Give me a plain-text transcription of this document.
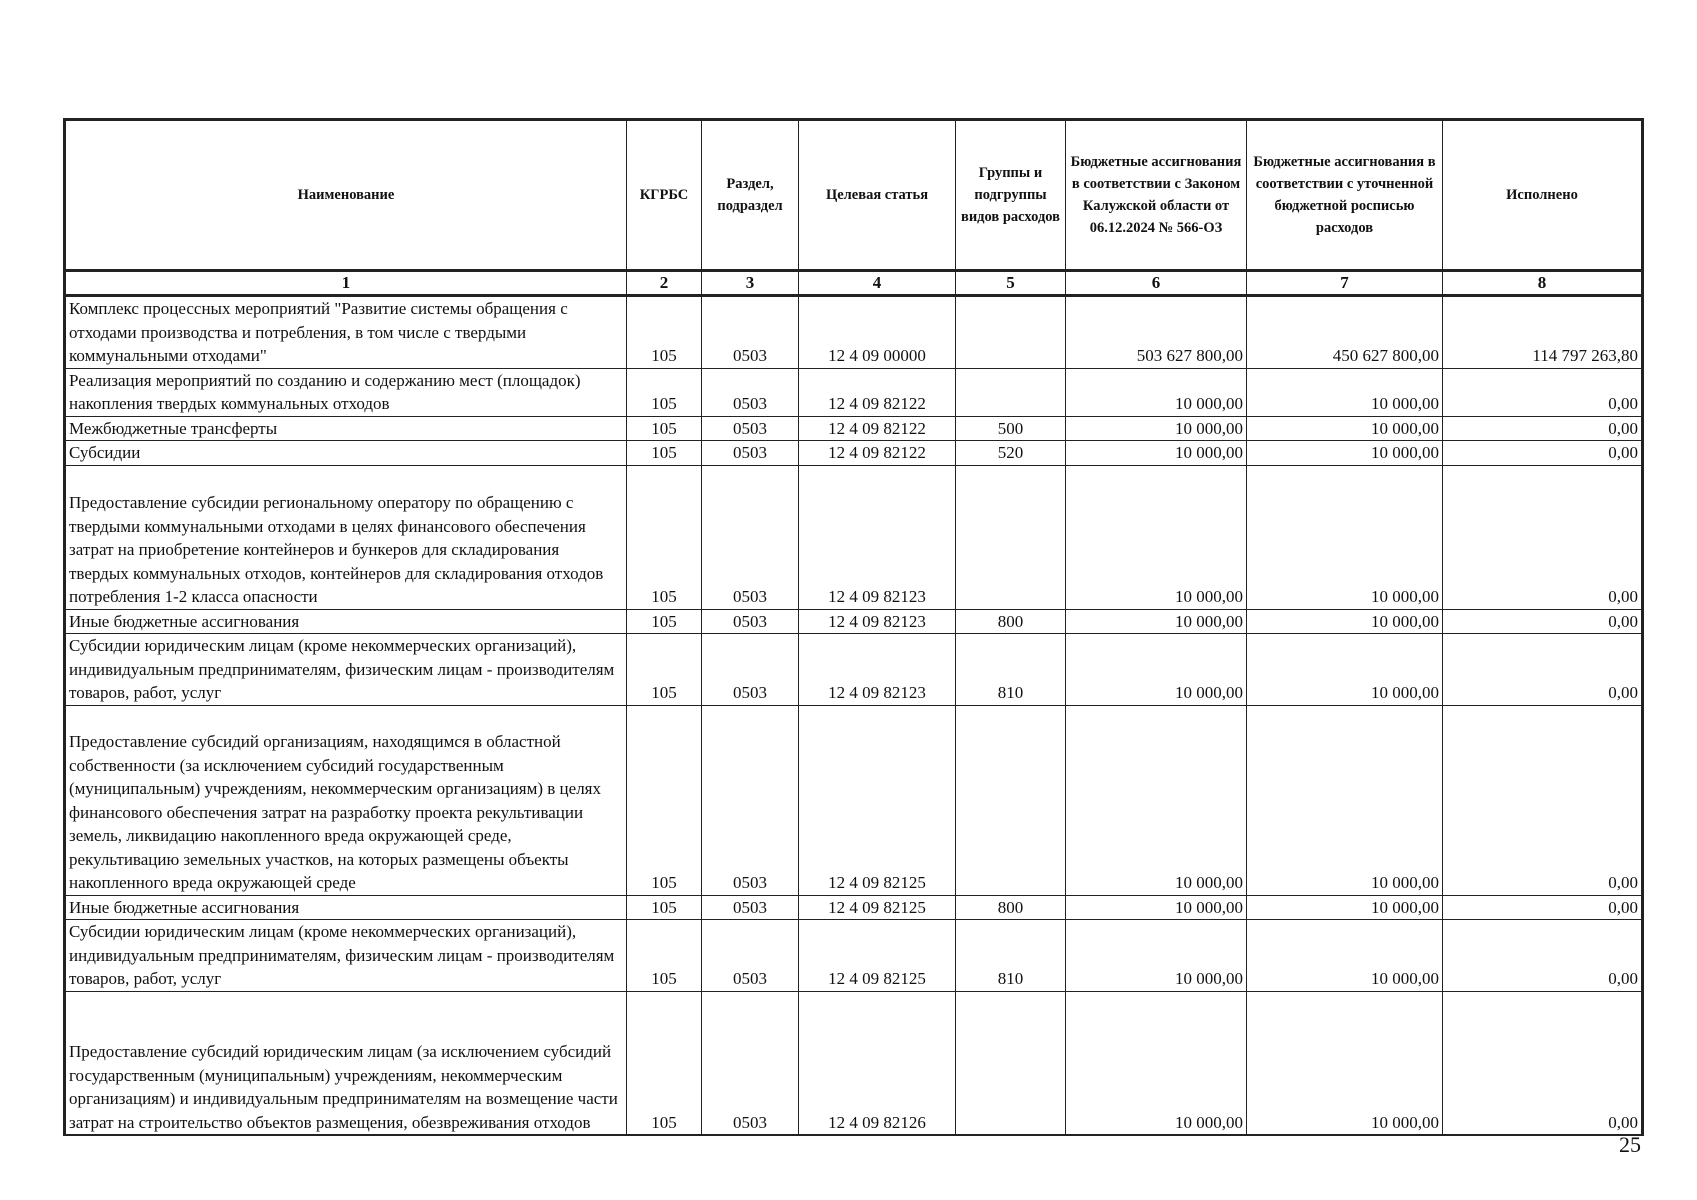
Наименование	КГРБС	Раздел, подраздел	Целевая статья	Группы и подгруппы видов расходов	Бюджетные ассигнования в соответствии с Законом Калужской области от 06.12.2024 № 566-ОЗ	Бюджетные ассигнования в соответствии с уточненной бюджетной росписью расходов	Исполнено
1	2	3	4	5	6	7	8
Комплекс процессных мероприятий "Развитие системы обращения с отходами производства и потребления, в том числе с твердыми коммунальными отходами"	105	0503	12 4 09 00000		503 627 800,00	450 627 800,00	114 797 263,80
Реализация мероприятий по созданию и содержанию мест (площадок) накопления твердых коммунальных отходов	105	0503	12 4 09 82122		10 000,00	10 000,00	0,00
Межбюджетные трансферты	105	0503	12 4 09 82122	500	10 000,00	10 000,00	0,00
Субсидии	105	0503	12 4 09 82122	520	10 000,00	10 000,00	0,00
Предоставление субсидии региональному оператору по обращению с твердыми коммунальными отходами в целях финансового обеспечения затрат на приобретение контейнеров и бункеров для складирования твердых коммунальных отходов, контейнеров для складирования отходов потребления 1-2 класса опасности	105	0503	12 4 09 82123		10 000,00	10 000,00	0,00
Иные бюджетные ассигнования	105	0503	12 4 09 82123	800	10 000,00	10 000,00	0,00
Субсидии юридическим лицам (кроме некоммерческих организаций), индивидуальным предпринимателям, физическим лицам - производителям товаров, работ, услуг	105	0503	12 4 09 82123	810	10 000,00	10 000,00	0,00
Предоставление субсидий организациям, находящимся в областной собственности (за исключением субсидий государственным (муниципальным) учреждениям, некоммерческим организациям) в целях финансового обеспечения затрат на разработку проекта рекультивации земель, ликвидацию накопленного вреда окружающей среде, рекультивацию земельных участков, на которых размещены объекты накопленного вреда окружающей среде	105	0503	12 4 09 82125		10 000,00	10 000,00	0,00
Иные бюджетные ассигнования	105	0503	12 4 09 82125	800	10 000,00	10 000,00	0,00
Субсидии юридическим лицам (кроме некоммерческих организаций), индивидуальным предпринимателям, физическим лицам - производителям товаров, работ, услуг	105	0503	12 4 09 82125	810	10 000,00	10 000,00	0,00
Предоставление субсидий юридическим лицам (за исключением субсидий государственным (муниципальным) учреждениям, некоммерческим организациям) и индивидуальным предпринимателям на возмещение части затрат на строительство объектов размещения, обезвреживания отходов	105	0503	12 4 09 82126		10 000,00	10 000,00	0,00
25
